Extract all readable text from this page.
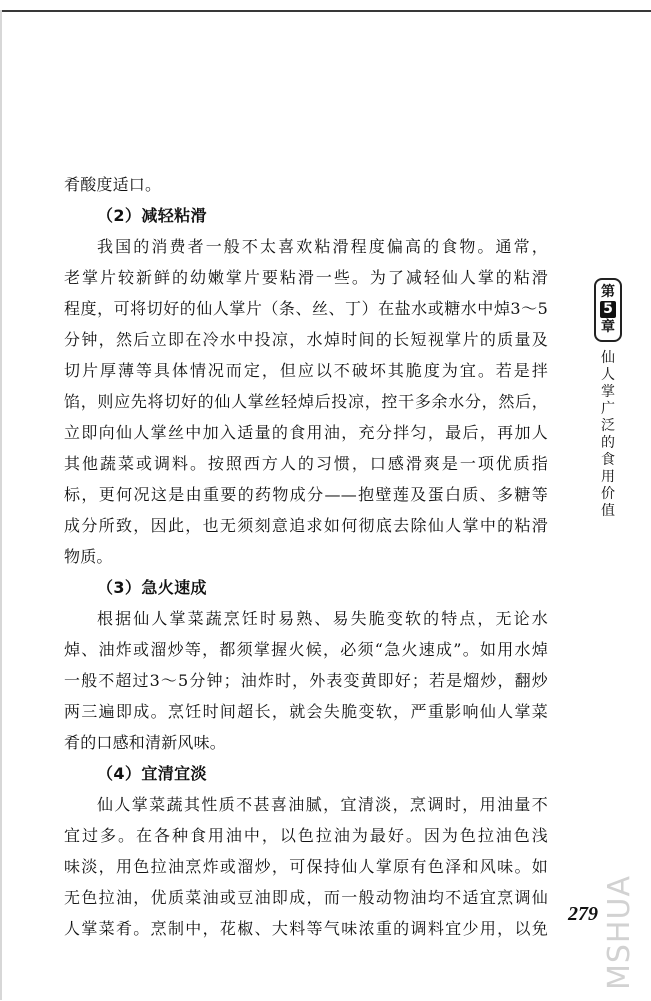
肴酸度适口。
（2）减轻粘滑
我国的消费者一般不太喜欢粘滑程度偏高的食物。通常，
老掌片较新鲜的幼嫩掌片要粘滑一些。为了减轻仙人掌的粘滑
程度，可将切好的仙人掌片（条、丝、丁）在盐水或糖水中焯3～5
分钟，然后立即在冷水中投凉，水焯时间的长短视掌片的质量及
切片厚薄等具体情况而定，但应以不破坏其脆度为宜。若是拌
馅，则应先将切好的仙人掌丝轻焯后投凉，控干多余水分，然后，
立即向仙人掌丝中加入适量的食用油，充分拌匀，最后，再加人
其他蔬菜或调料。按照西方人的习惯，口感滑爽是一项优质指
标，更何况这是由重要的药物成分——抱壁莲及蛋白质、多糖等
成分所致，因此，也无须刻意追求如何彻底去除仙人掌中的粘滑
物质。
（3）急火速成
根据仙人掌菜蔬烹饪时易熟、易失脆变软的特点，无论水
焯、油炸或溜炒等，都须掌握火候，必须“急火速成”。如用水焯
一般不超过3～5分钟；油炸时，外表变黄即好；若是熘炒，翻炒
两三遍即成。烹饪时间超长，就会失脆变软，严重影响仙人掌菜
肴的口感和清新风味。
（4）宜清宜淡
仙人掌菜蔬其性质不甚喜油腻，宜清淡，烹调时，用油量不
宜过多。在各种食用油中，以色拉油为最好。因为色拉油色浅
味淡，用色拉油烹炸或溜炒，可保持仙人掌原有色泽和风味。如
无色拉油，优质菜油或豆油即成，而一般动物油均不适宜烹调仙
人掌菜肴。烹制中，花椒、大料等气味浓重的调料宜少用，以免
第
5
章
仙人掌广泛的食用价值
279 MSHUA
